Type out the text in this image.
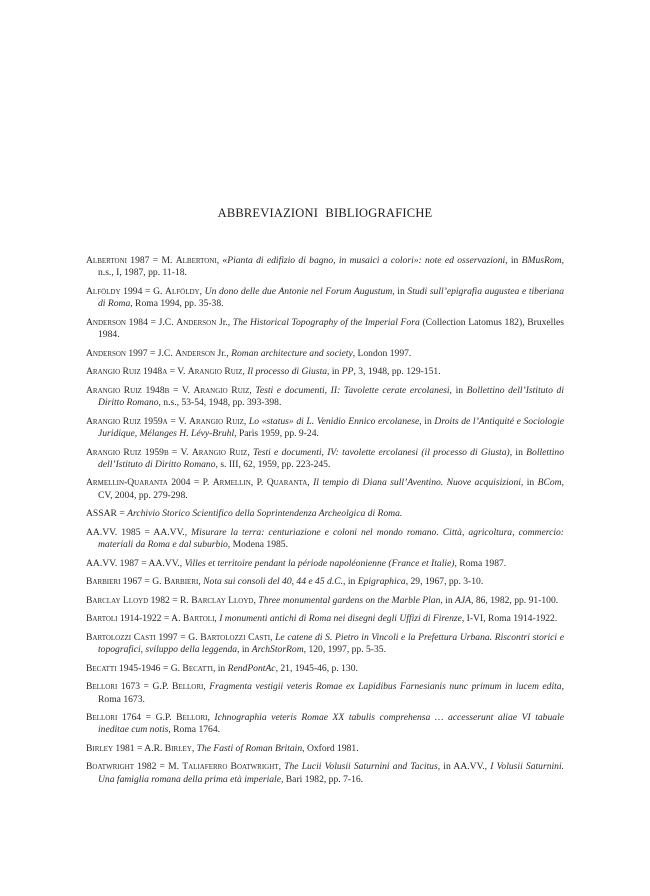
ABBREVIAZIONI BIBLIOGRAFICHE

Albertoni 1987 = M. Albertoni, «Pianta di edifizio di bagno, in musaici a colori»: note ed osservazioni, in BMusRom, n.s., I, 1987, pp. 11-18.

Alföldy 1994 = G. Alföldy, Un dono delle due Antonie nel Forum Augustum, in Studi sull’epigrafia augustea e tiberiana di Roma, Roma 1994, pp. 35-38.

Anderson 1984 = J.C. Anderson Jr., The Historical Topography of the Imperial Fora (Collection Latomus 182), Bruxelles 1984.

Anderson 1997 = J.C. Anderson Jr., Roman architecture and society, London 1997.

Arangio Ruiz 1948a = V. Arangio Ruiz, Il processo di Giusta, in PP, 3, 1948, pp. 129-151.

Arangio Ruiz 1948b = V. Arangio Ruiz, Testi e documenti, II: Tavolette cerate ercolanesi, in Bollettino dell’Istituto di Diritto Romano, n.s., 53-54, 1948, pp. 393-398.

Arangio Ruiz 1959a = V. Arangio Ruiz, Lo «status» di L. Venidio Ennico ercolanese, in Droits de l’Antiquité e Sociologie Juridique, Mélanges H. Lévy-Bruhl, Paris 1959, pp. 9-24.

Arangio Ruiz 1959b = V. Arangio Ruiz, Testi e documenti, IV: tavolette ercolanesi (il processo di Giusta), in Bollettino dell’Istituto di Diritto Romano, s. III, 62, 1959, pp. 223-245.

Armellin-Quaranta 2004 = P. Armellin, P. Quaranta, Il tempio di Diana sull’Aventino. Nuove acquisizioni, in BCom, CV, 2004, pp. 279-298.

ASSAR = Archivio Storico Scientifico della Soprintendenza Archeolgica di Roma.

AA.VV. 1985 = AA.VV., Misurare la terra: centuriazione e coloni nel mondo romano. Città, agricoltura, commercio: materiali da Roma e dal suburbio, Modena 1985.

AA.VV. 1987 = AA.VV., Villes et territoire pendant la période napoléonienne (France et Italie), Roma 1987.

Barbieri 1967 = G. Barbieri, Nota sui consoli del 40, 44 e 45 d.C., in Epigraphica, 29, 1967, pp. 3-10.

Barclay Lloyd 1982 = R. Barclay Lloyd, Three monumental gardens on the Marble Plan, in AJA, 86, 1982, pp. 91-100.

Bartoli 1914-1922 = A. Bartoli, I monumenti antichi di Roma nei disegni degli Uffizi di Firenze, I-VI, Roma 1914-1922.

Bartolozzi Casti 1997 = G. Bartolozzi Casti, Le catene di S. Pietro in Vincoli e la Prefettura Urbana. Riscontri storici e topografici, sviluppo della leggenda, in ArchStorRom, 120, 1997, pp. 5-35.

Becatti 1945-1946 = G. Becatti, in RendPontAc, 21, 1945-46, p. 130.

Bellori 1673 = G.P. Bellori, Fragmenta vestigii veteris Romae ex Lapidibus Farnesianis nunc primum in lucem edita, Roma 1673.

Bellori 1764 = G.P. Bellori, Ichnographia veteris Romae XX tabulis comprehensa … accesserunt aliae VI tabuale ineditae cum notis, Roma 1764.

Birley 1981 = A.R. Birley, The Fasti of Roman Britain, Oxford 1981.

Boatwright 1982 = M. Taliaferro Boatwright, The Lucii Volusii Saturnini and Tacitus, in AA.VV., I Volusii Saturnini. Una famiglia romana della prima età imperiale, Bari 1982, pp. 7-16.
